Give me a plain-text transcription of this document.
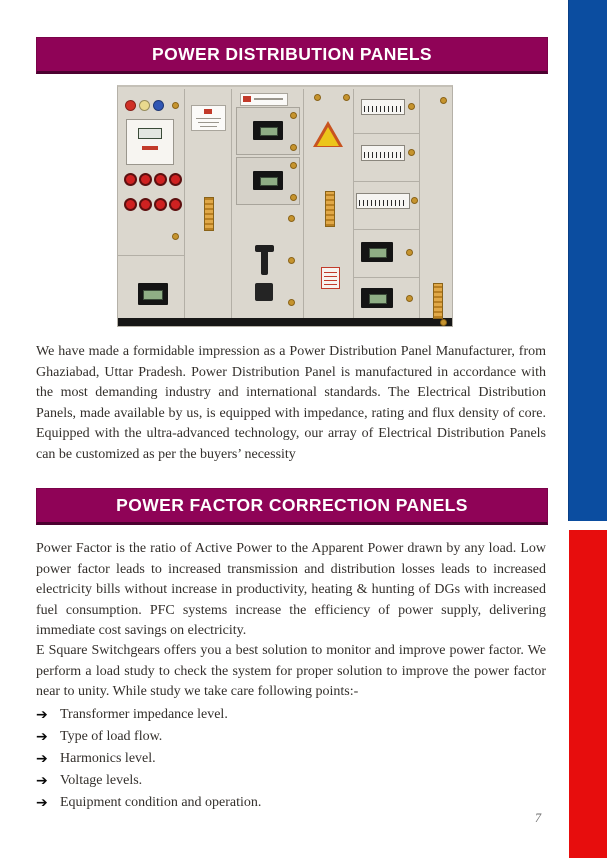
POWER DISTRIBUTION PANELS

We have made a formidable impression as a Power Distribution Panel Manufacturer, from Ghaziabad, Uttar Pradesh. Power Distribution Panel is manufactured in accordance with the most demanding industry and international standards. The Electrical Distribution Panels, made available by us, is equipped with impedance, rating and flux density of core. Equipped with the ultra-advanced technology, our array of Electrical Distribution Panels can be customized as per the buyers’ necessity

POWER FACTOR CORRECTION PANELS

Power Factor is the ratio of Active Power to the Apparent Power drawn by any load. Low power factor leads to increased transmission and distribution losses leads to increased electricity bills without increase in productivity, heating & hunting of DGs with increased fuel consumption. PFC systems increase the efficiency of power supply, delivering immediate cost savings on electricity.

E Square Switchgears offers you a best solution to monitor and improve power factor. We perform a load study to check the system for proper solution to improve the power factor near to unity. While study we take care following points:-

➔ Transformer impedance level.
➔ Type of load flow.
➔ Harmonics level.
➔ Voltage levels.
➔ Equipment condition and operation.
7
